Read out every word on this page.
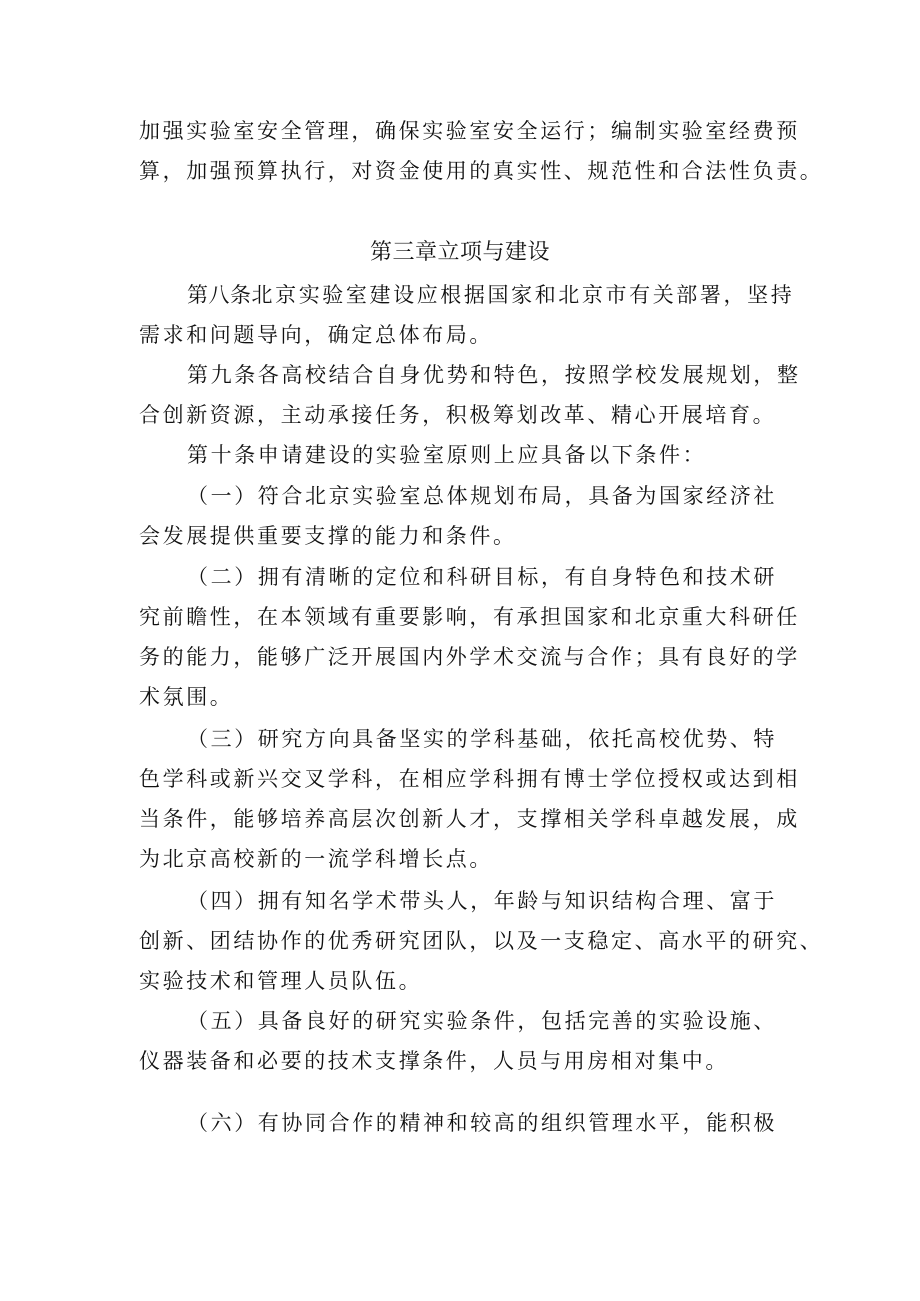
加强实验室安全管理，确保实验室安全运行；编制实验室经费预
算，加强预算执行，对资金使用的真实性、规范性和合法性负责。
第三章立项与建设
第八条北京实验室建设应根据国家和北京市有关部署，坚持
需求和问题导向，确定总体布局。
第九条各高校结合自身优势和特色，按照学校发展规划，整
合创新资源，主动承接任务，积极筹划改革、精心开展培育。
第十条申请建设的实验室原则上应具备以下条件：
（一）符合北京实验室总体规划布局，具备为国家经济社
会发展提供重要支撑的能力和条件。
（二）拥有清晰的定位和科研目标，有自身特色和技术研
究前瞻性，在本领域有重要影响，有承担国家和北京重大科研任
务的能力，能够广泛开展国内外学术交流与合作；具有良好的学
术氛围。
（三）研究方向具备坚实的学科基础，依托高校优势、特
色学科或新兴交叉学科，在相应学科拥有博士学位授权或达到相
当条件，能够培养高层次创新人才，支撑相关学科卓越发展，成
为北京高校新的一流学科增长点。
（四）拥有知名学术带头人，年龄与知识结构合理、富于
创新、团结协作的优秀研究团队，以及一支稳定、高水平的研究、
实验技术和管理人员队伍。
（五）具备良好的研究实验条件，包括完善的实验设施、
仪器装备和必要的技术支撑条件，人员与用房相对集中。
（六）有协同合作的精神和较高的组织管理水平，能积极
